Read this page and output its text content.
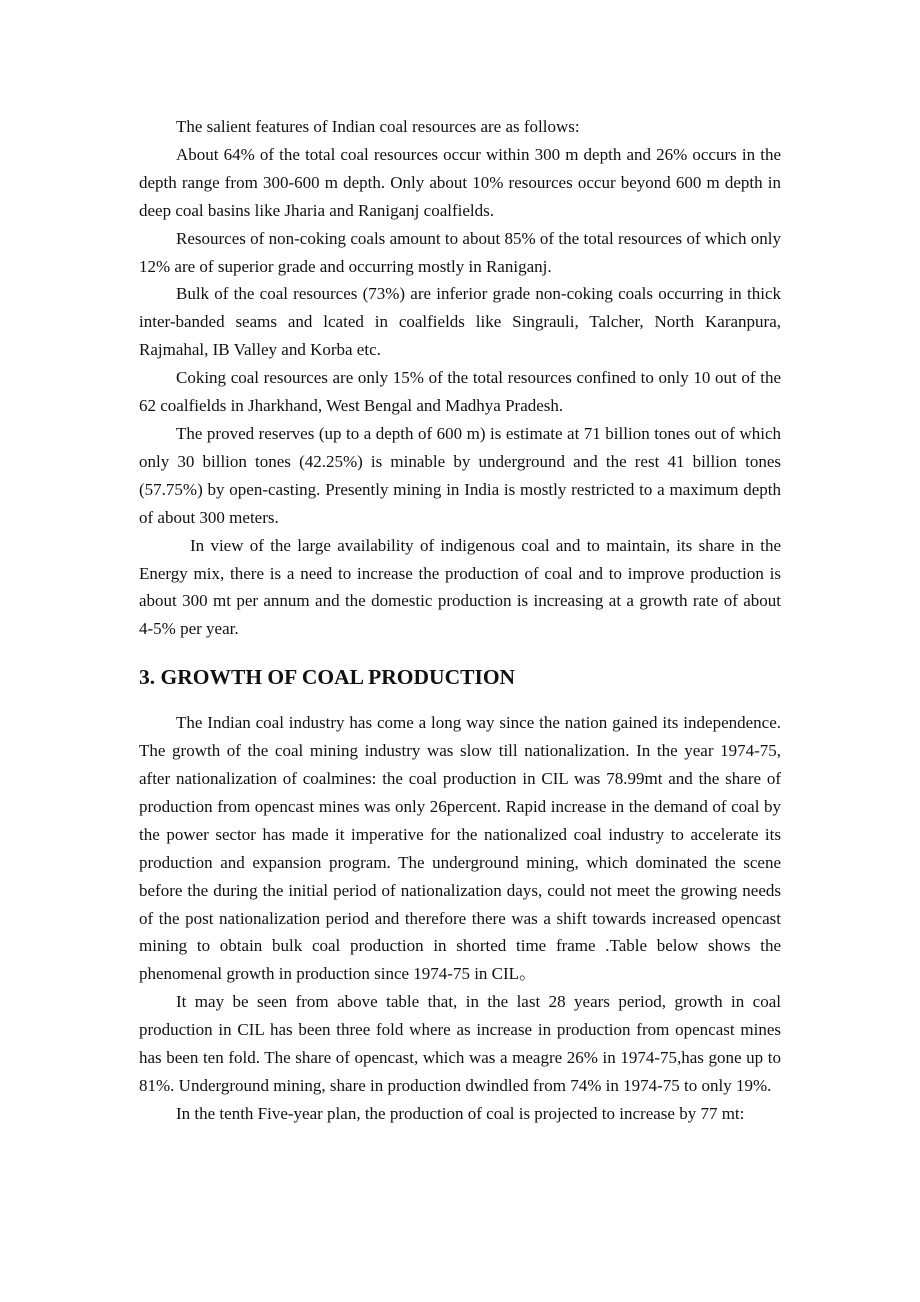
The salient features of Indian coal resources are as follows:

About 64% of the total coal resources occur within 300 m depth and 26% occurs in the depth range from 300-600 m depth. Only about 10% resources occur beyond 600 m depth in deep coal basins like Jharia and Raniganj coalfields.

Resources of non-coking coals amount to about 85% of the total resources of which only 12% are of superior grade and occurring mostly in Raniganj.

Bulk of the coal resources (73%) are inferior grade non-coking coals occurring in thick inter-banded seams and lcated in coalfields like Singrauli, Talcher, North Karanpura, Rajmahal, IB Valley and Korba etc.

Coking coal resources are only 15% of the total resources confined to only 10 out of the 62 coalfields in Jharkhand, West Bengal and Madhya Pradesh.

The proved reserves (up to a depth of 600 m) is estimate at 71 billion tones out of which only 30 billion tones (42.25%) is minable by underground and the rest 41 billion tones (57.75%) by open-casting. Presently mining in India is mostly restricted to a maximum depth of about 300 meters.

In view of the large availability of indigenous coal and to maintain, its share in the Energy mix, there is a need to increase the production of coal and to improve production is about 300 mt per annum and the domestic production is increasing at a growth rate of about 4-5% per year.

3. GROWTH OF COAL PRODUCTION

The Indian coal industry has come a long way since the nation gained its independence. The growth of the coal mining industry was slow till nationalization. In the year 1974-75, after nationalization of coalmines: the coal production in CIL was 78.99mt and the share of production from opencast mines was only 26percent. Rapid increase in the demand of coal by the power sector has made it imperative for the nationalized coal industry to accelerate its production and expansion program. The underground mining, which dominated the scene before the during the initial period of nationalization days, could not meet the growing needs of the post nationalization period and therefore there was a shift towards increased opencast mining to obtain bulk coal production in shorted time frame .Table below shows the phenomenal growth in production since 1974-75 in CIL。

It may be seen from above table that, in the last 28 years period, growth in coal production in CIL has been three fold where as increase in production from opencast mines has been ten fold. The share of opencast, which was a meagre 26% in 1974-75,has gone up to 81%. Underground mining, share in production dwindled from 74% in 1974-75 to only 19%.

In the tenth Five-year plan, the production of coal is projected to increase by 77 mt:
